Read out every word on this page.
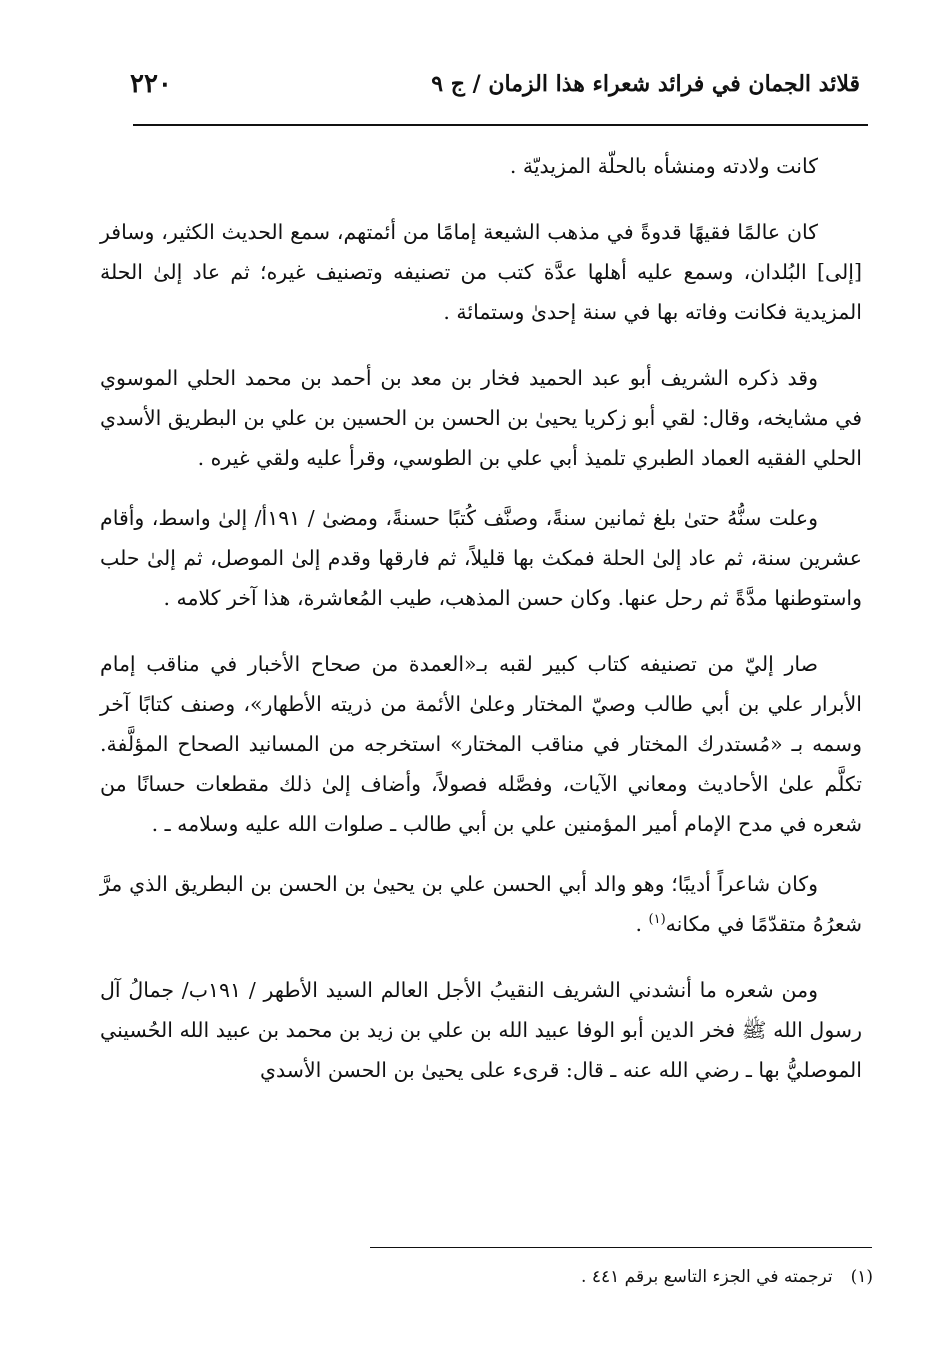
قلائد الجمان في فرائد شعراء هذا الزمان / ج ٩
٢٢٠

كانت ولادته ومنشأه بالحلّة المزيديّة .

كان عالمًا فقيهًا قدوةً في مذهب الشيعة إمامًا من أئمتهم، سمع الحديث الكثير، وسافر [إلى] البُلدان، وسمع عليه أهلها عدَّة كتب من تصنيفه وتصنيف غيره؛ ثم عاد إلىٰ الحلة المزيدية فكانت وفاته بها في سنة إحدىٰ وستمائة .

وقد ذكره الشريف أبو عبد الحميد فخار بن معد بن أحمد بن محمد الحلي الموسوي في مشايخه، وقال: لقي أبو زكريا يحيىٰ بن الحسن بن الحسين بن علي بن البطريق الأسدي الحلي الفقيه العماد الطبري تلميذ أبي علي بن الطوسي، وقرأ عليه ولقي غيره .

وعلت سنُّهُ حتىٰ بلغ ثمانين سنةً، وصنَّف كُتبًا حسنةً، ومضىٰ / ١٩١أ/ إلىٰ واسط، وأقام عشرين سنة، ثم عاد إلىٰ الحلة فمكث بها قليلاً، ثم فارقها وقدم إلىٰ الموصل، ثم إلىٰ حلب واستوطنها مدَّةً ثم رحل عنها. وكان حسن المذهب، طيب المُعاشرة، هذا آخر كلامه .

صار إليّ من تصنيفه كتاب كبير لقبه بـ«العمدة من صحاح الأخبار في مناقب إمام الأبرار علي بن أبي طالب وصيّ المختار وعلىٰ الأئمة من ذريته الأطهار»، وصنف كتابًا آخر وسمه بـ «مُستدرك المختار في مناقب المختار» استخرجه من المسانيد الصحاح المؤلَّفة. تكلَّم علىٰ الأحاديث ومعاني الآيات، وفصَّله فصولاً، وأضاف إلىٰ ذلك مقطعات حسانًا من شعره في مدح الإمام أمير المؤمنين علي بن أبي طالب ـ صلوات الله عليه وسلامه ـ .

وكان شاعراً أديبًا؛ وهو والد أبي الحسن علي بن يحيىٰ بن الحسن بن البطريق الذي مرَّ شعرُهُ متقدّمًا في مكانه$^{(١)}$ .

ومن شعره ما أنشدني الشريف النقيبُ الأجل العالم السيد الأطهر / ١٩١ب/ جمالُ آل رسول الله ﷺ فخر الدين أبو الوفا عبيد الله بن علي بن زيد بن محمد بن عبيد الله الحُسيني الموصليُّ بها ـ رضي الله عنه ـ قال: قرىء على يحيىٰ بن الحسن الأسدي

(١)
ترجمته في الجزء التاسع برقم ٤٤١ .
